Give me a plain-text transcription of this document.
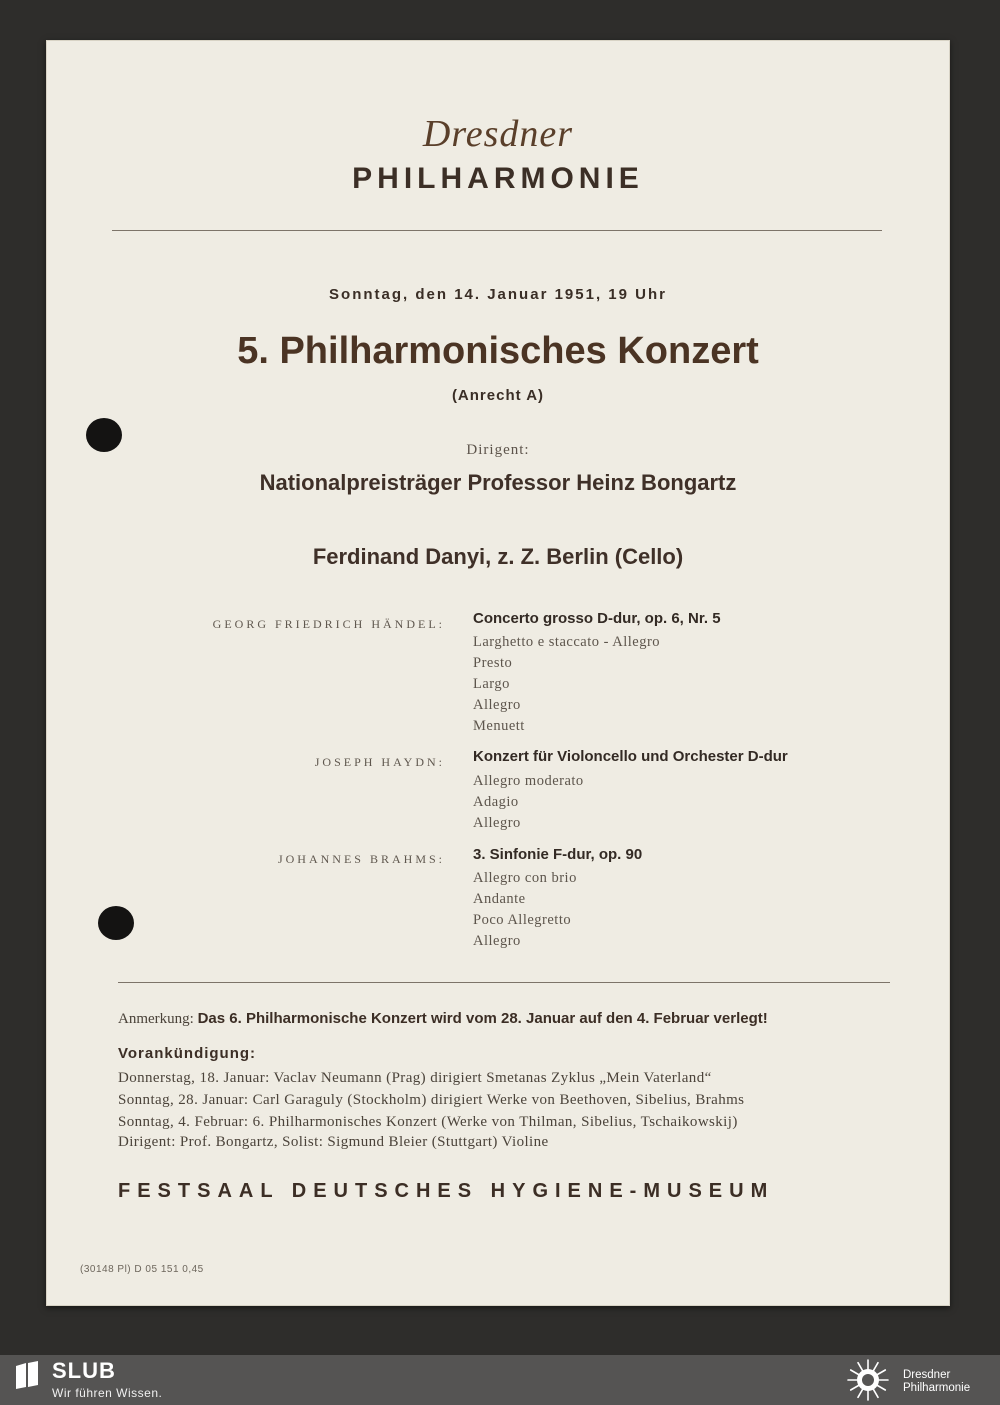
Dresdner
PHILHARMONIE
Sonntag, den 14. Januar 1951, 19 Uhr
5. Philharmonisches Konzert
(Anrecht A)
Dirigent:
Nationalpreisträger Professor Heinz Bongartz
Ferdinand Danyi, z. Z. Berlin (Cello)
GEORG FRIEDRICH HÄNDEL: Concerto grosso D-dur, op. 6, Nr. 5
Larghetto e staccato - Allegro
Presto
Largo
Allegro
Menuett
JOSEPH HAYDN: Konzert für Violoncello und Orchester D-dur
Allegro moderato
Adagio
Allegro
JOHANNES BRAHMS: 3. Sinfonie F-dur, op. 90
Allegro con brio
Andante
Poco Allegretto
Allegro
Anmerkung: Das 6. Philharmonische Konzert wird vom 28. Januar auf den 4. Februar verlegt!
Vorankündigung:
Donnerstag, 18. Januar: Vaclav Neumann (Prag) dirigiert Smetanas Zyklus „Mein Vaterland“
Sonntag, 28. Januar: Carl Garaguly (Stockholm) dirigiert Werke von Beethoven, Sibelius, Brahms
Sonntag, 4. Februar: 6. Philharmonisches Konzert (Werke von Thilman, Sibelius, Tschaikowskij)
Dirigent: Prof. Bongartz, Solist: Sigmund Bleier (Stuttgart) Violine
FESTSAAL DEUTSCHES HYGIENE-MUSEUM
(30148 Pl) D 05 151 0,45
SLUB
Wir führen Wissen.
Dresdner
Philharmonie
